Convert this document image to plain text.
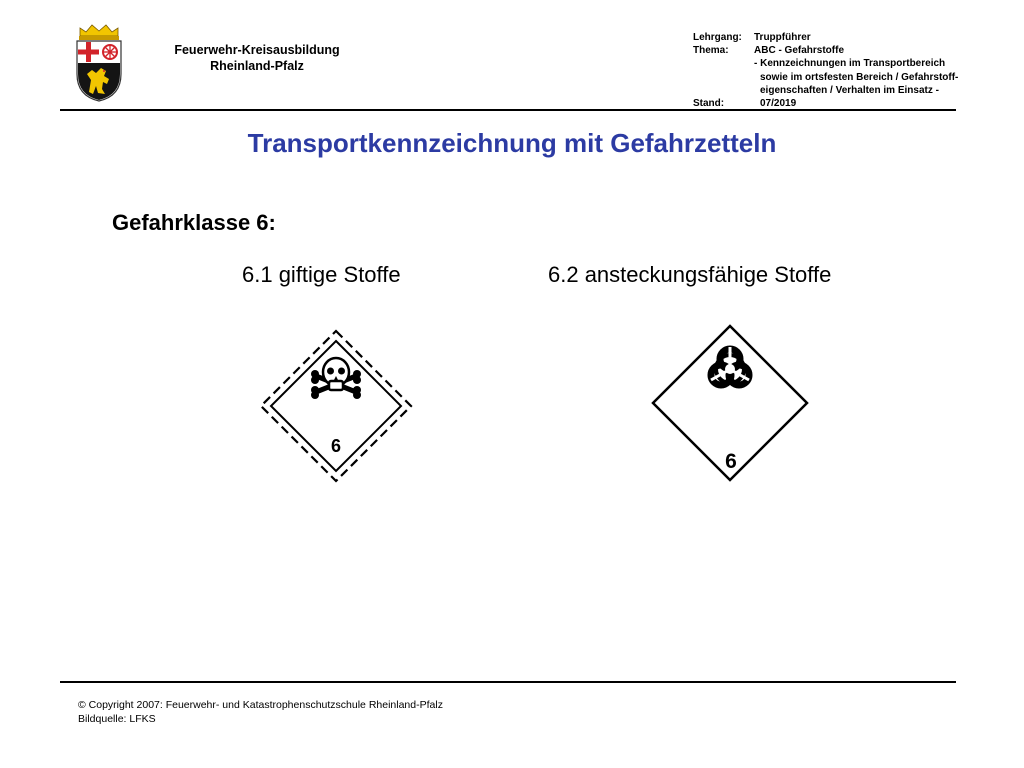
Feuerwehr-Kreisausbildung
Rheinland-Pfalz
Lehrgang: Truppführer
Thema:	ABC - Gefahrstoffe
- Kennzeichnungen im Transportbereich
sowie im ortsfesten Bereich / Gefahrstoff-
eigenschaften / Verhalten im Einsatz -
Stand:	07/2019
Transportkennzeichnung mit Gefahrzetteln
Gefahrklasse 6:
6.1 giftige Stoffe	6.2 ansteckungsfähige Stoffe
6
6
© Copyright 2007: Feuerwehr- und Katastrophenschutzschule Rheinland-Pfalz
Bildquelle: LFKS
